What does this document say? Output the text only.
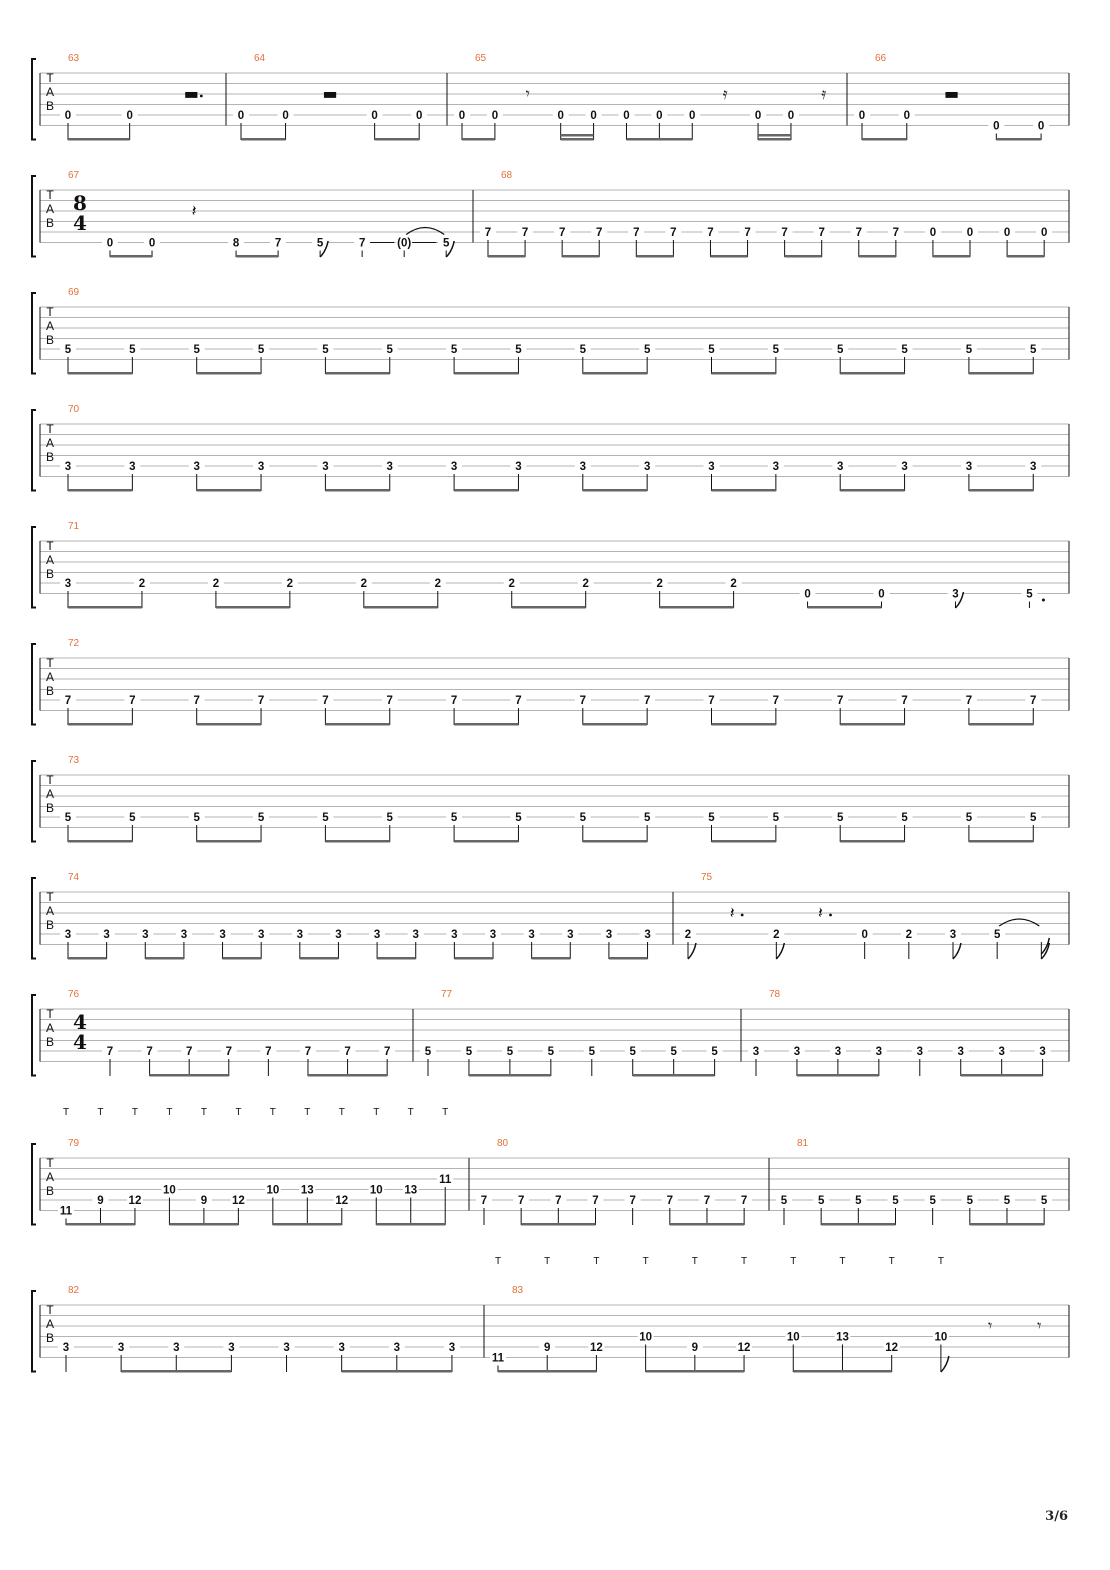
T
A
B
63
0	0
▬
64
0	0
▬
0	0
65
0 0
𝄾
0 0 0 0 0
𝄿
0 0
𝄿
66
0	0
▬
0	0
T
A
B
67
8
4
0	0
𝄽
8	7	5	7	(0)	5
68
7	7	7	7	7	7	7	7	7	7	7	7	0	0	0	0
T
A
B
69
5	5	5	5	5	5	5	5	5	5	5	5	5	5	5	5
T
A
B
70
3	3	3	3	3	3	3	3	3	3	3	3	3	3	3	3
T
A
B
71
3	2	2	2	2	2	2	2	2	2
0	0	3	5
T
A
B
72
7	7	7	7	7	7	7	7	7	7	7	7	7	7	7	7
T
A
B
73
5	5	5	5	5	5	5	5	5	5	5	5	5	5	5	5
T
A
B
74
3	3	3	3	3	3	3	3	3	3	3	3	3	3	3	3
75
2
𝄽
2
𝄽
0	2	3	5
T
A
B
76
4
4 7	7	7	7	7	7	7	7
77
5	5	5	5	5	5	5	5
78
3	3	3	3	3	3	3	3
T
A
B
79
11
T
9
T
12
T
10
T
9
T
12
T
10
T
13
T
12
T
10
T
13
T
11
T
80
7	7	7	7	7	7	7	7
81
5	5	5	5	5	5	5	5
T
A
B
82
3	3	3	3	3	3	3	3
83
11
T
9
T
12
T
10
T
9
T
12
T
10
T
13
T
12
T
10
T
𝄾	𝄾
3/6
